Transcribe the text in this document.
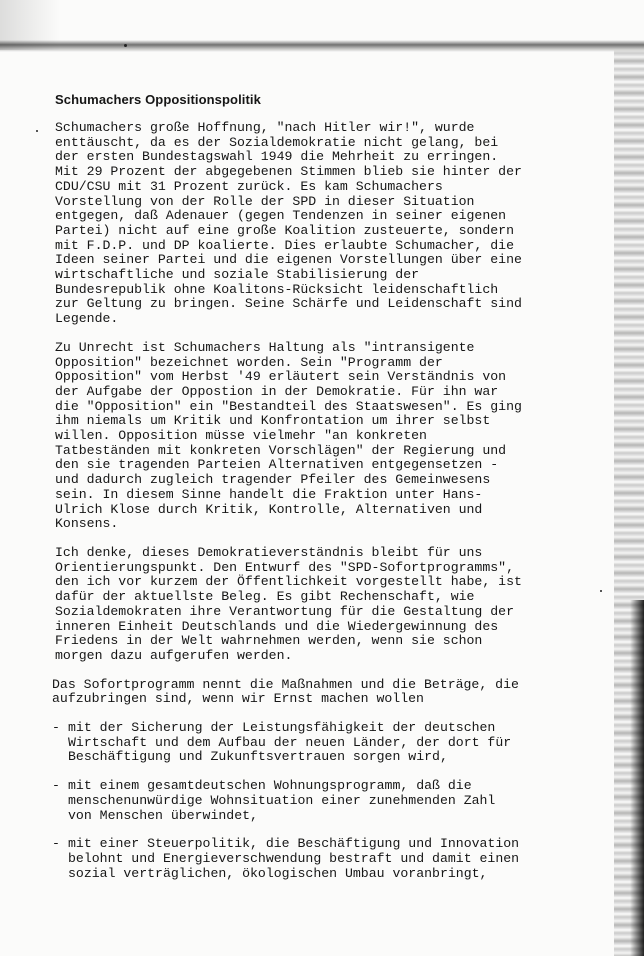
Schumachers Oppositionspolitik
Schumachers große Hoffnung, "nach Hitler wir!", wurde
enttäuscht, da es der Sozialdemokratie nicht gelang, bei
der ersten Bundestagswahl 1949 die Mehrheit zu erringen.
Mit 29 Prozent der abgegebenen Stimmen blieb sie hinter der
CDU/CSU mit 31 Prozent zurück. Es kam Schumachers
Vorstellung von der Rolle der SPD in dieser Situation
entgegen, daß Adenauer (gegen Tendenzen in seiner eigenen
Partei) nicht auf eine große Koalition zusteuerte, sondern
mit F.D.P. und DP koalierte. Dies erlaubte Schumacher, die
Ideen seiner Partei und die eigenen Vorstellungen über eine
wirtschaftliche und soziale Stabilisierung der
Bundesrepublik ohne Koalitons-Rücksicht leidenschaftlich
zur Geltung zu bringen. Seine Schärfe und Leidenschaft sind
Legende.
Zu Unrecht ist Schumachers Haltung als "intransigente
Opposition" bezeichnet worden. Sein "Programm der
Opposition" vom Herbst '49 erläutert sein Verständnis von
der Aufgabe der Oppostion in der Demokratie. Für ihn war
die "Opposition" ein "Bestandteil des Staatswesen". Es ging
ihm niemals um Kritik und Konfrontation um ihrer selbst
willen. Opposition müsse vielmehr "an konkreten
Tatbeständen mit konkreten Vorschlägen" der Regierung und
den sie tragenden Parteien Alternativen entgegensetzen -
und dadurch zugleich tragender Pfeiler des Gemeinwesens
sein. In diesem Sinne handelt die Fraktion unter Hans-
Ulrich Klose durch Kritik, Kontrolle, Alternativen und
Konsens.
Ich denke, dieses Demokratieverständnis bleibt für uns
Orientierungspunkt. Den Entwurf des "SPD-Sofortprogramms",
den ich vor kurzem der Öffentlichkeit vorgestellt habe, ist
dafür der aktuellste Beleg. Es gibt Rechenschaft, wie
Sozialdemokraten ihre Verantwortung für die Gestaltung der
inneren Einheit Deutschlands und die Wiedergewinnung des
Friedens in der Welt wahrnehmen werden, wenn sie schon
morgen dazu aufgerufen werden.
Das Sofortprogramm nennt die Maßnahmen und die Beträge, die
aufzubringen sind, wenn wir Ernst machen wollen
- mit der Sicherung der Leistungsfähigkeit der deutschen
Wirtschaft und dem Aufbau der neuen Länder, der dort für
Beschäftigung und Zukunftsvertrauen sorgen wird,
- mit einem gesamtdeutschen Wohnungsprogramm, daß die
menschenunwürdige Wohnsituation einer zunehmenden Zahl
von Menschen überwindet,
- mit einer Steuerpolitik, die Beschäftigung und Innovation
belohnt und Energieverschwendung bestraft und damit einen
sozial verträglichen, ökologischen Umbau voranbringt,
